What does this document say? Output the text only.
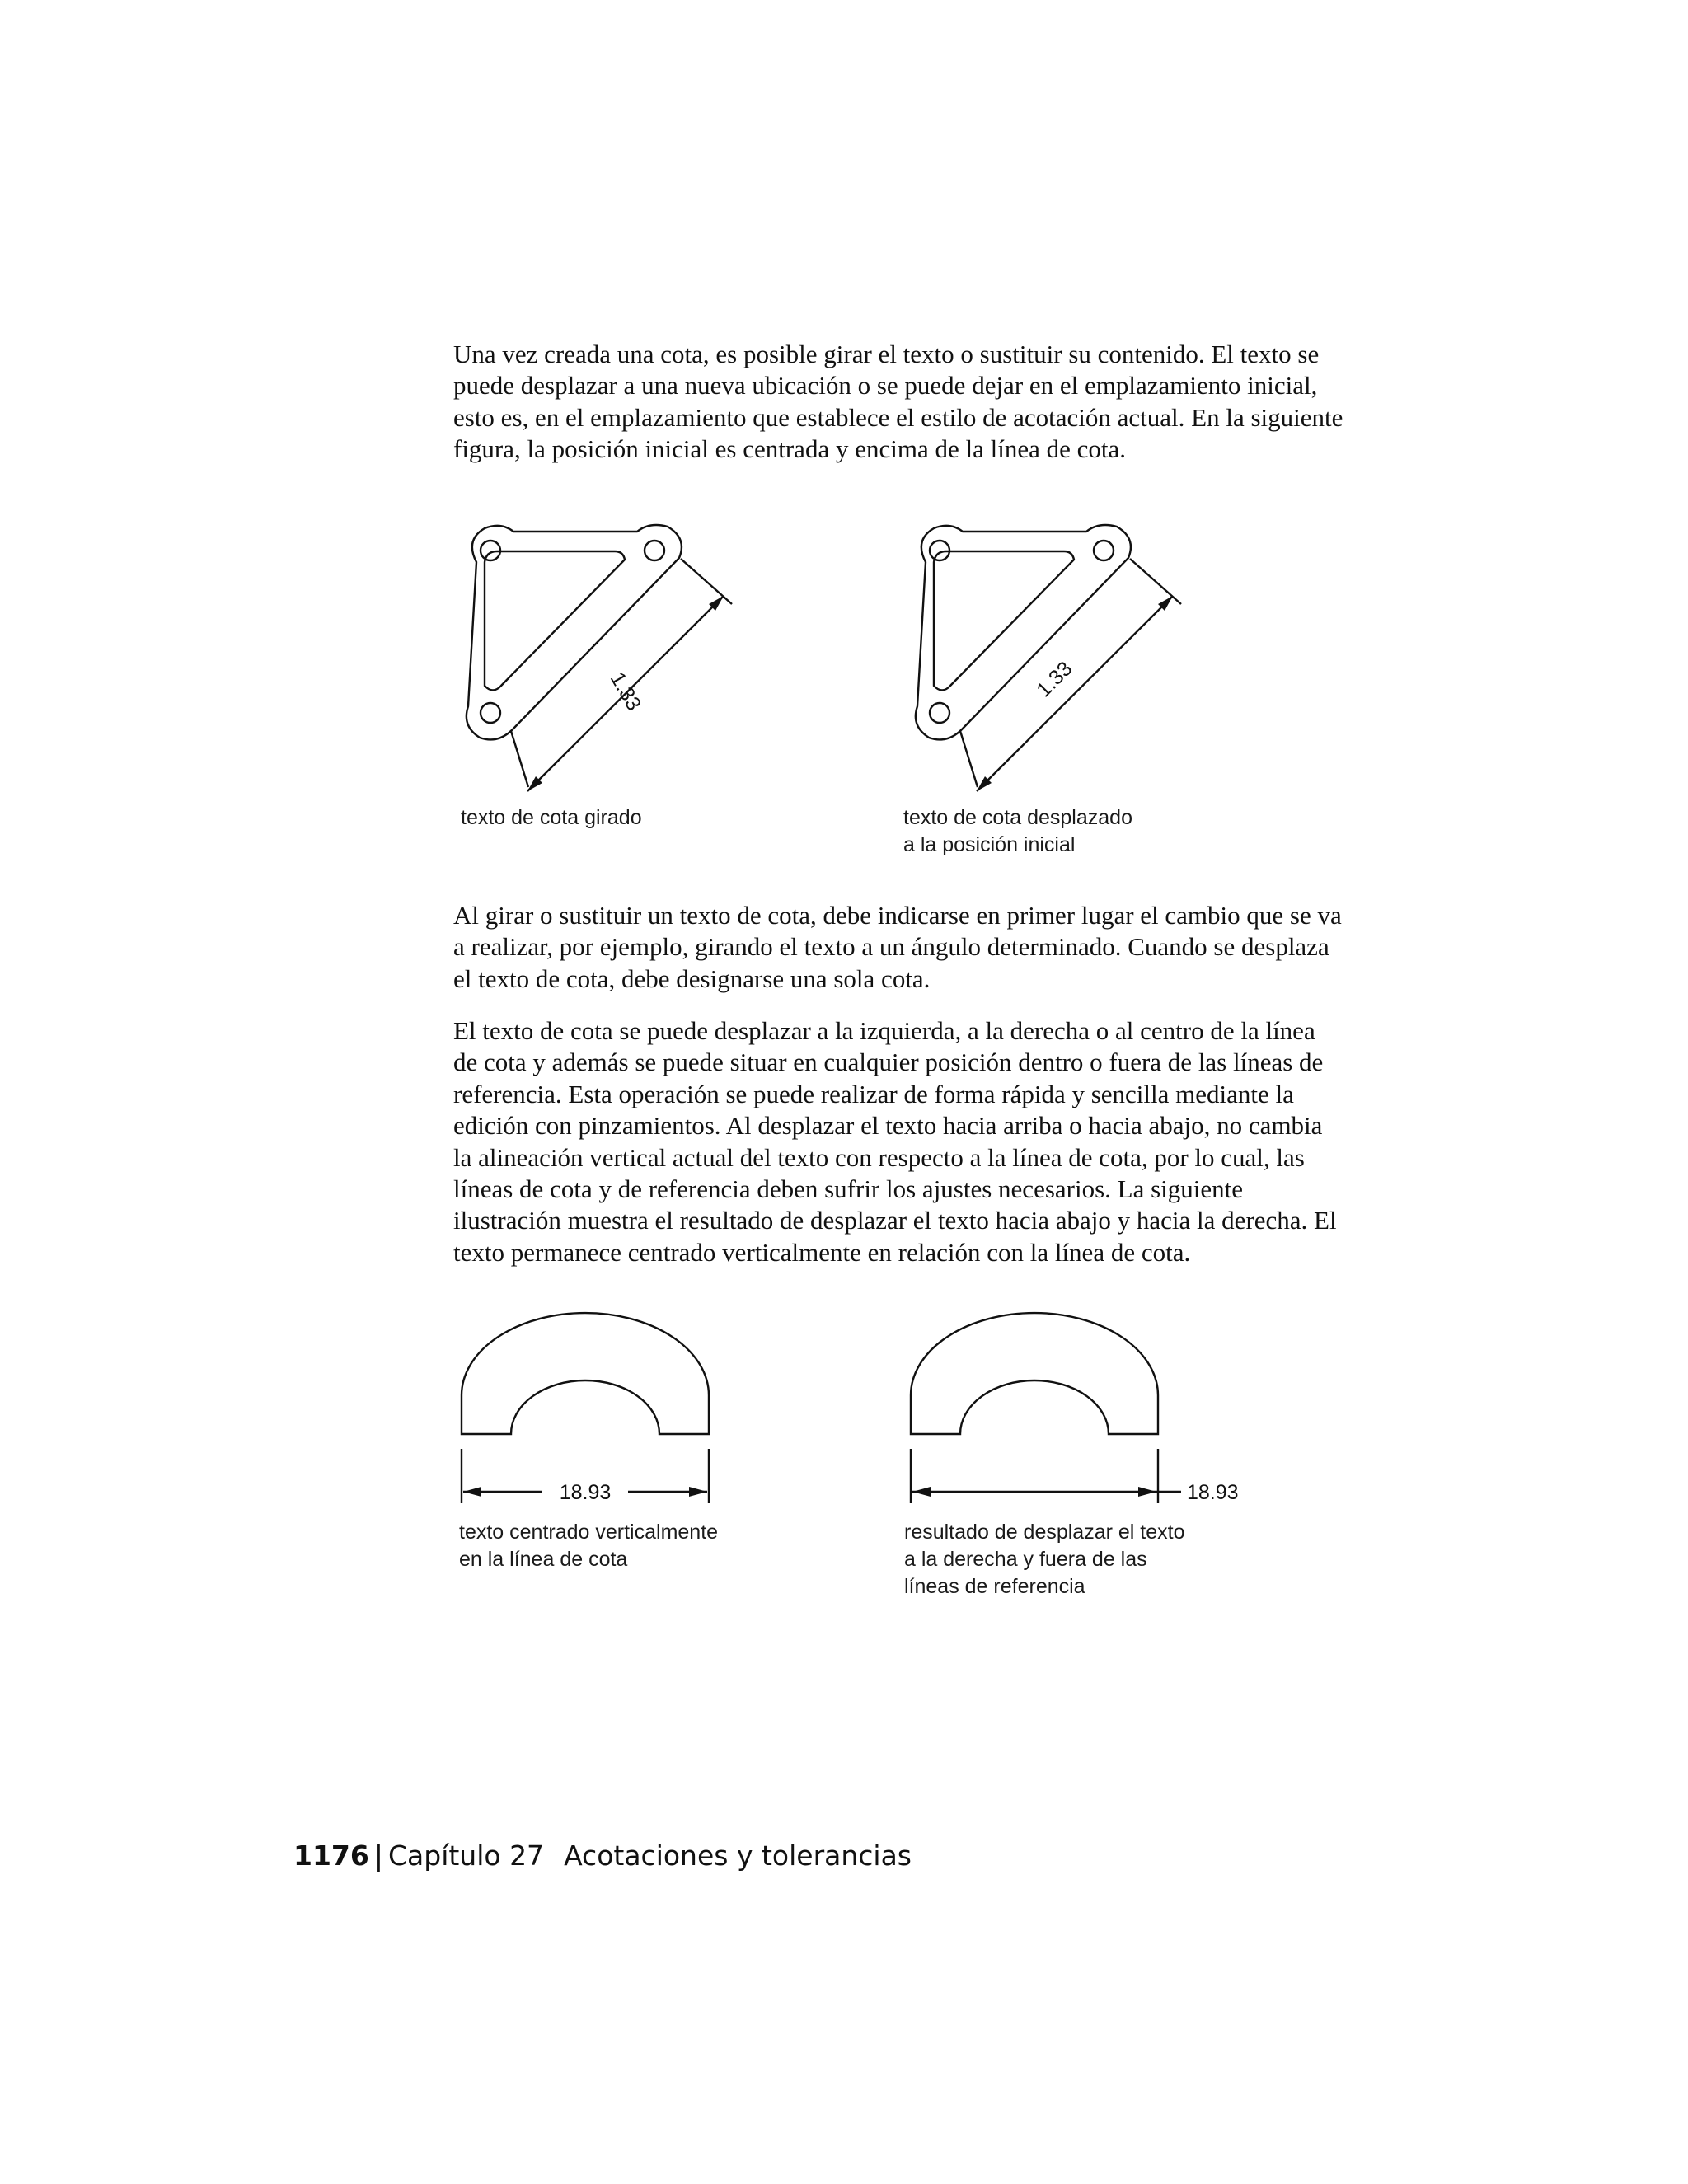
Una vez creada una cota, es posible girar el texto o sustituir su contenido. El texto se puede desplazar a una nueva ubicación o se puede dejar en el emplazamiento inicial, esto es, en el emplazamiento que establece el estilo de acotación actual. En la siguiente figura, la posición inicial es centrada y encima de la línea de cota.

1.33

texto de cota girado

1.33

texto de cota desplazado
a la posición inicial

Al girar o sustituir un texto de cota, debe indicarse en primer lugar el cambio que se va a realizar, por ejemplo, girando el texto a un ángulo determinado. Cuando se desplaza el texto de cota, debe designarse una sola cota.

El texto de cota se puede desplazar a la izquierda, a la derecha o al centro de la línea de cota y además se puede situar en cualquier posición dentro o fuera de las líneas de referencia. Esta operación se puede realizar de forma rápida y sencilla mediante la edición con pinzamientos. Al desplazar el texto hacia arriba o hacia abajo, no cambia la alineación vertical actual del texto con respecto a la línea de cota, por lo cual, las líneas de cota y de referencia deben sufrir los ajustes necesarios. La siguiente ilustración muestra el resultado de desplazar el texto hacia abajo y hacia la derecha. El texto permanece centrado verticalmente en relación con la línea de cota.

18.93

texto centrado verticalmente
en la línea de cota

18.93

resultado de desplazar el texto
a la derecha y fuera de las
líneas de referencia

1176 | Capítulo 27 Acotaciones y tolerancias
